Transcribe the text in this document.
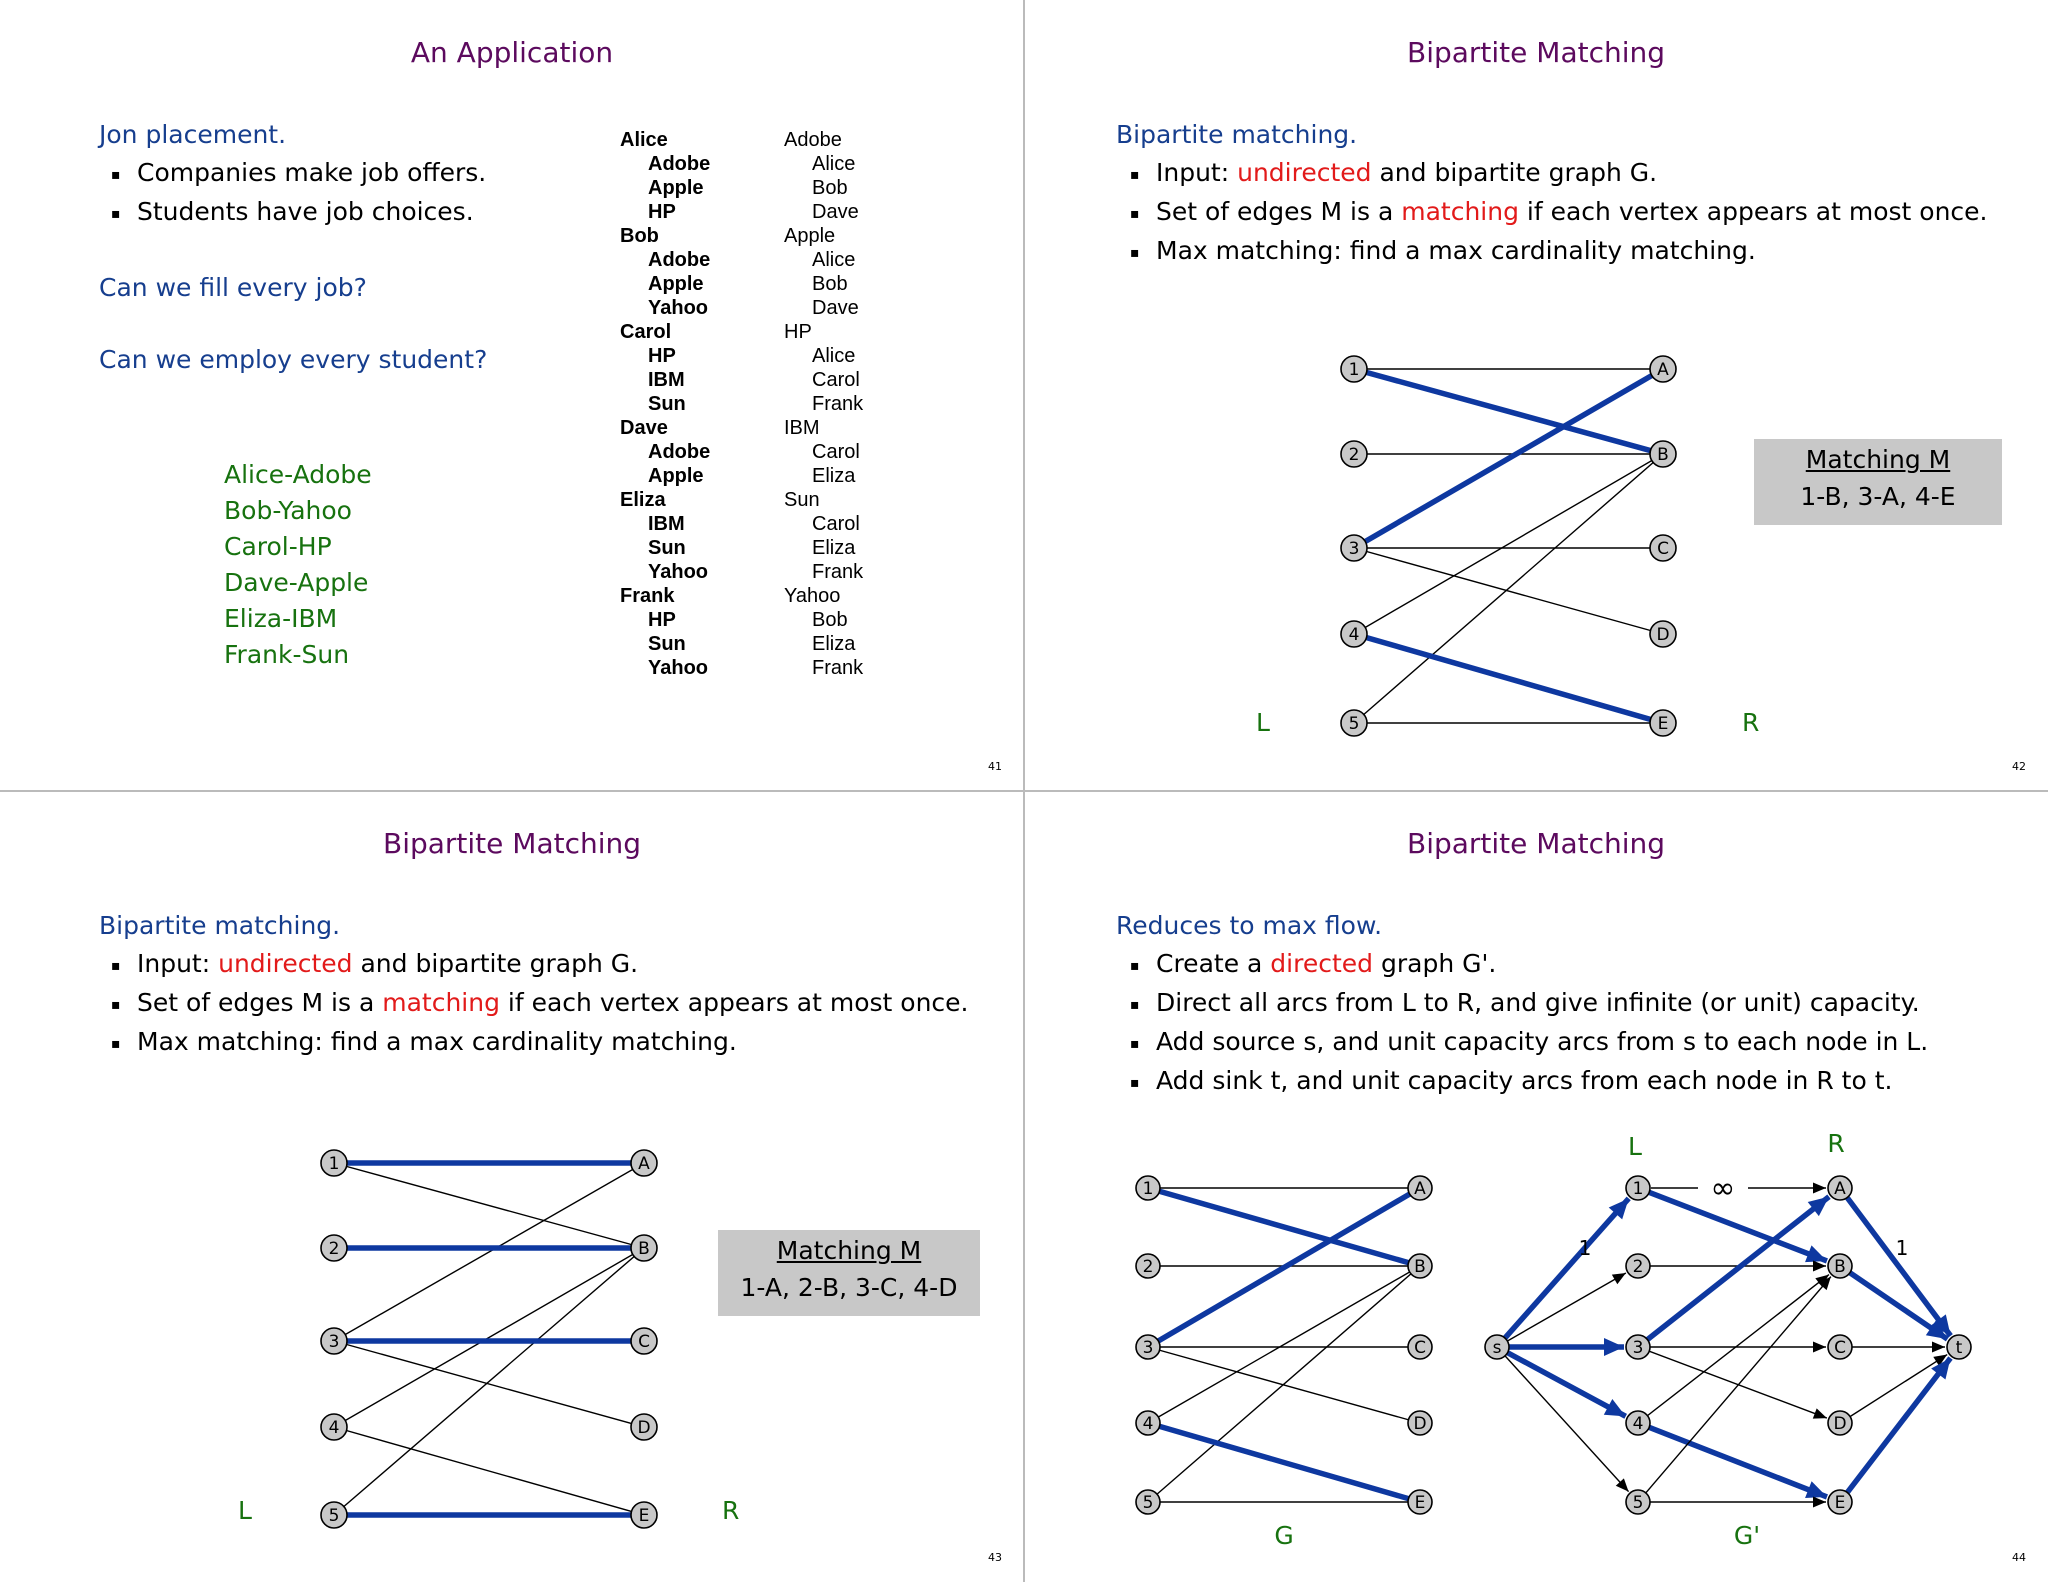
An Application
Jon placement.
▪ Companies make job offers.
▪ Students have job choices.
Can we fill every job?
Can we employ every student?
Alice-Adobe
Bob-Yahoo
Carol-HP
Dave-Apple
Eliza-IBM
Frank-Sun
Alice
Adobe
Apple
HP
Bob
Adobe
Apple
Yahoo
Carol
HP
IBM
Sun
Dave
Adobe
Apple
Eliza
IBM
Sun
Yahoo
Frank
HP
Sun
Yahoo
Adobe
Alice
Bob
Dave
Apple
Alice
Bob
Dave
HP
Alice
Carol
Frank
IBM
Carol
Eliza
Sun
Carol
Eliza
Frank
Yahoo
Bob
Eliza
Frank
41
Bipartite Matching
Bipartite matching.
▪ Input: undirected and bipartite graph G.
▪ Set of edges M is a matching if each vertex appears at most once.
▪ Max matching: find a max cardinality matching.
1
2
3
4
5
A
B
C
D
E
L	R
Matching M
1-B, 3-A, 4-E
42
Bipartite Matching
Bipartite matching.
▪ Input: undirected and bipartite graph G.
▪ Set of edges M is a matching if each vertex appears at most once.
▪ Max matching: find a max cardinality matching.
1
2
3
4
5
A
B
C
D
E
L	R
Matching M
1-A, 2-B, 3-C, 4-D
43
Bipartite Matching
Reduces to max flow.
▪ Create a directed graph G'.
▪ Direct all arcs from L to R, and give infinite (or unit) capacity.
▪ Add source s, and unit capacity arcs from s to each node in L.
▪ Add sink t, and unit capacity arcs from each node in R to t.
1
2
3
4
5
A
B
C
D
E
G
s	t
1
2
3
4
5
A
B
C
D
E
∞
1	1
L	R
G'
44
